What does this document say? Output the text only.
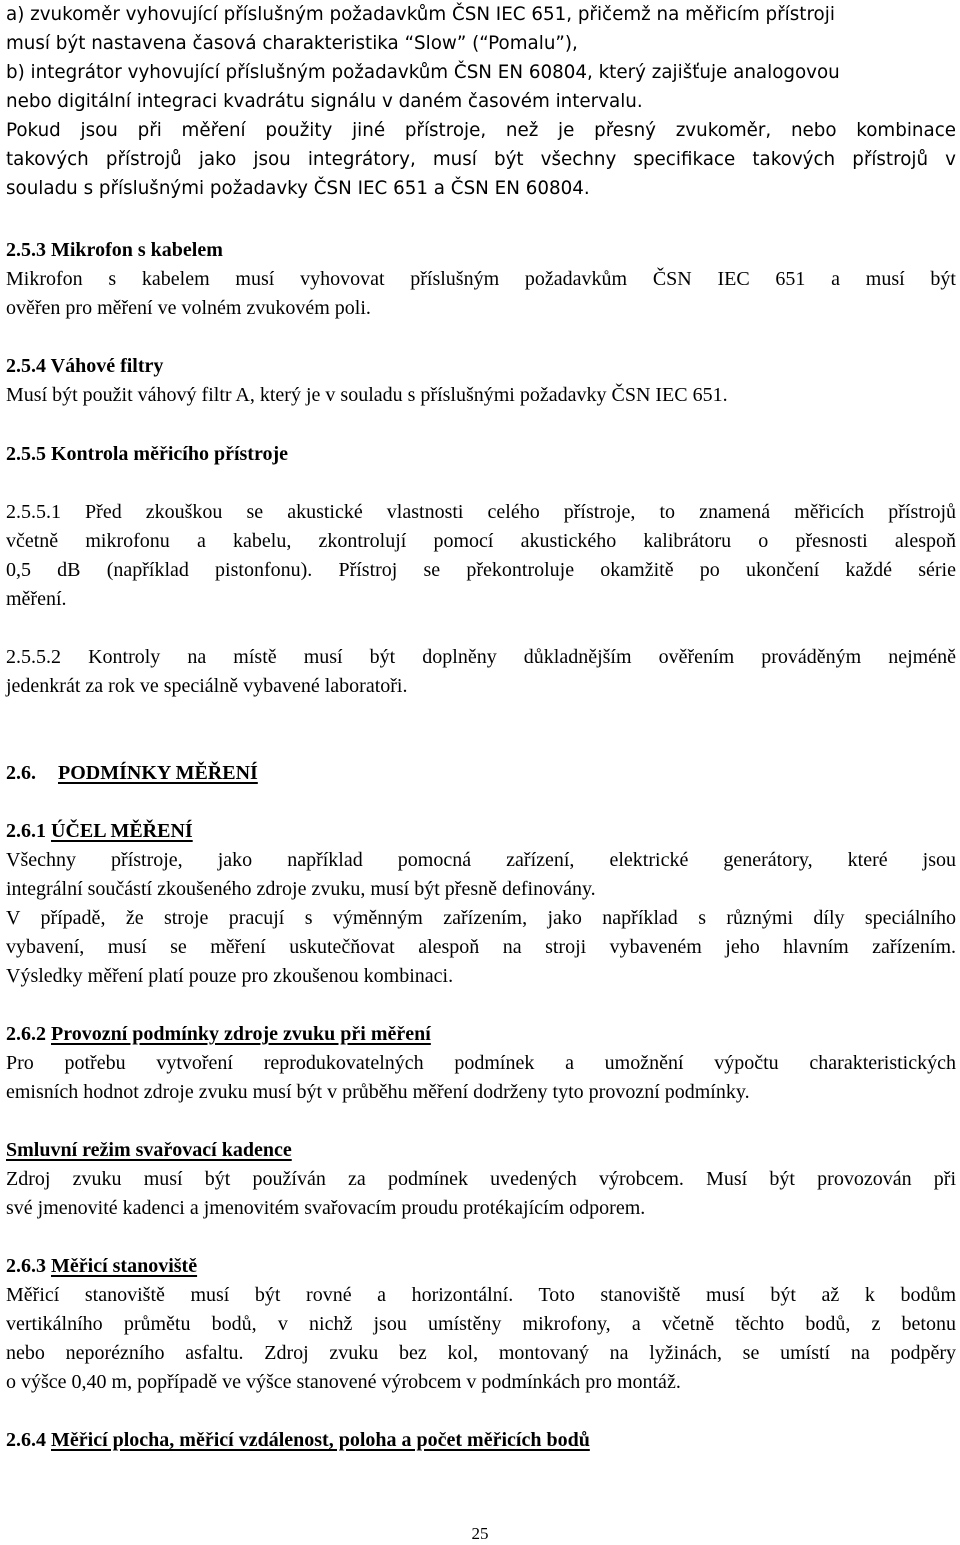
a) zvukoměr vyhovující příslušným požadavkům ČSN IEC 651, přičemž na měřicím přístroji
musí být nastavena časová charakteristika “Slow” (“Pomalu”),
b) integrátor vyhovující příslušným požadavkům ČSN EN 60804, který zajišťuje analogovou
nebo digitální integraci kvadrátu signálu v daném časovém intervalu.
Pokud jsou při měření použity jiné přístroje, než je přesný zvukoměr, nebo kombinace
takových přístrojů jako jsou integrátory, musí být všechny specifikace takových přístrojů v
souladu s příslušnými požadavky ČSN IEC 651 a ČSN EN 60804.
2.5.3 Mikrofon s kabelem
Mikrofon s kabelem musí vyhovovat příslušným požadavkům ČSN IEC 651 a musí být
ověřen pro měření ve volném zvukovém poli.
2.5.4 Váhové filtry
Musí být použit váhový filtr A, který je v souladu s příslušnými požadavky ČSN IEC 651.
2.5.5 Kontrola měřicího přístroje
2.5.5.1 Před zkouškou se akustické vlastnosti celého přístroje, to znamená měřicích přístrojů
včetně mikrofonu a kabelu, zkontrolují pomocí akustického kalibrátoru o přesnosti alespoň
0,5 dB (například pistonfonu). Přístroj se překontroluje okamžitě po ukončení každé série
měření.
2.5.5.2 Kontroly na místě musí být doplněny důkladnějším ověřením prováděným nejméně
jedenkrát za rok ve speciálně vybavené laboratoři.
2.6. PODMÍNKY MĚŘENÍ
2.6.1 ÚČEL MĚŘENÍ
Všechny přístroje, jako například pomocná zařízení, elektrické generátory, které jsou
integrální součástí zkoušeného zdroje zvuku, musí být přesně definovány.
V případě, že stroje pracují s výměnným zařízením, jako například s různými díly speciálního
vybavení, musí se měření uskutečňovat alespoň na stroji vybaveném jeho hlavním zařízením.
Výsledky měření platí pouze pro zkoušenou kombinaci.
2.6.2 Provozní podmínky zdroje zvuku při měření
Pro potřebu vytvoření reprodukovatelných podmínek a umožnění výpočtu charakteristických
emisních hodnot zdroje zvuku musí být v průběhu měření dodrženy tyto provozní podmínky.
Smluvní režim svařovací kadence
Zdroj zvuku musí být používán za podmínek uvedených výrobcem. Musí být provozován při
své jmenovité kadenci a jmenovitém svařovacím proudu protékajícím odporem.
2.6.3 Měřicí stanoviště
Měřicí stanoviště musí být rovné a horizontální. Toto stanoviště musí být až k bodům
vertikálního průmětu bodů, v nichž jsou umístěny mikrofony, a včetně těchto bodů, z betonu
nebo neporézního asfaltu. Zdroj zvuku bez kol, montovaný na lyžinách, se umístí na podpěry
o výšce 0,40 m, popřípadě ve výšce stanovené výrobcem v podmínkách pro montáž.
2.6.4 Měřicí plocha, měřicí vzdálenost, poloha a počet měřicích bodů
25
